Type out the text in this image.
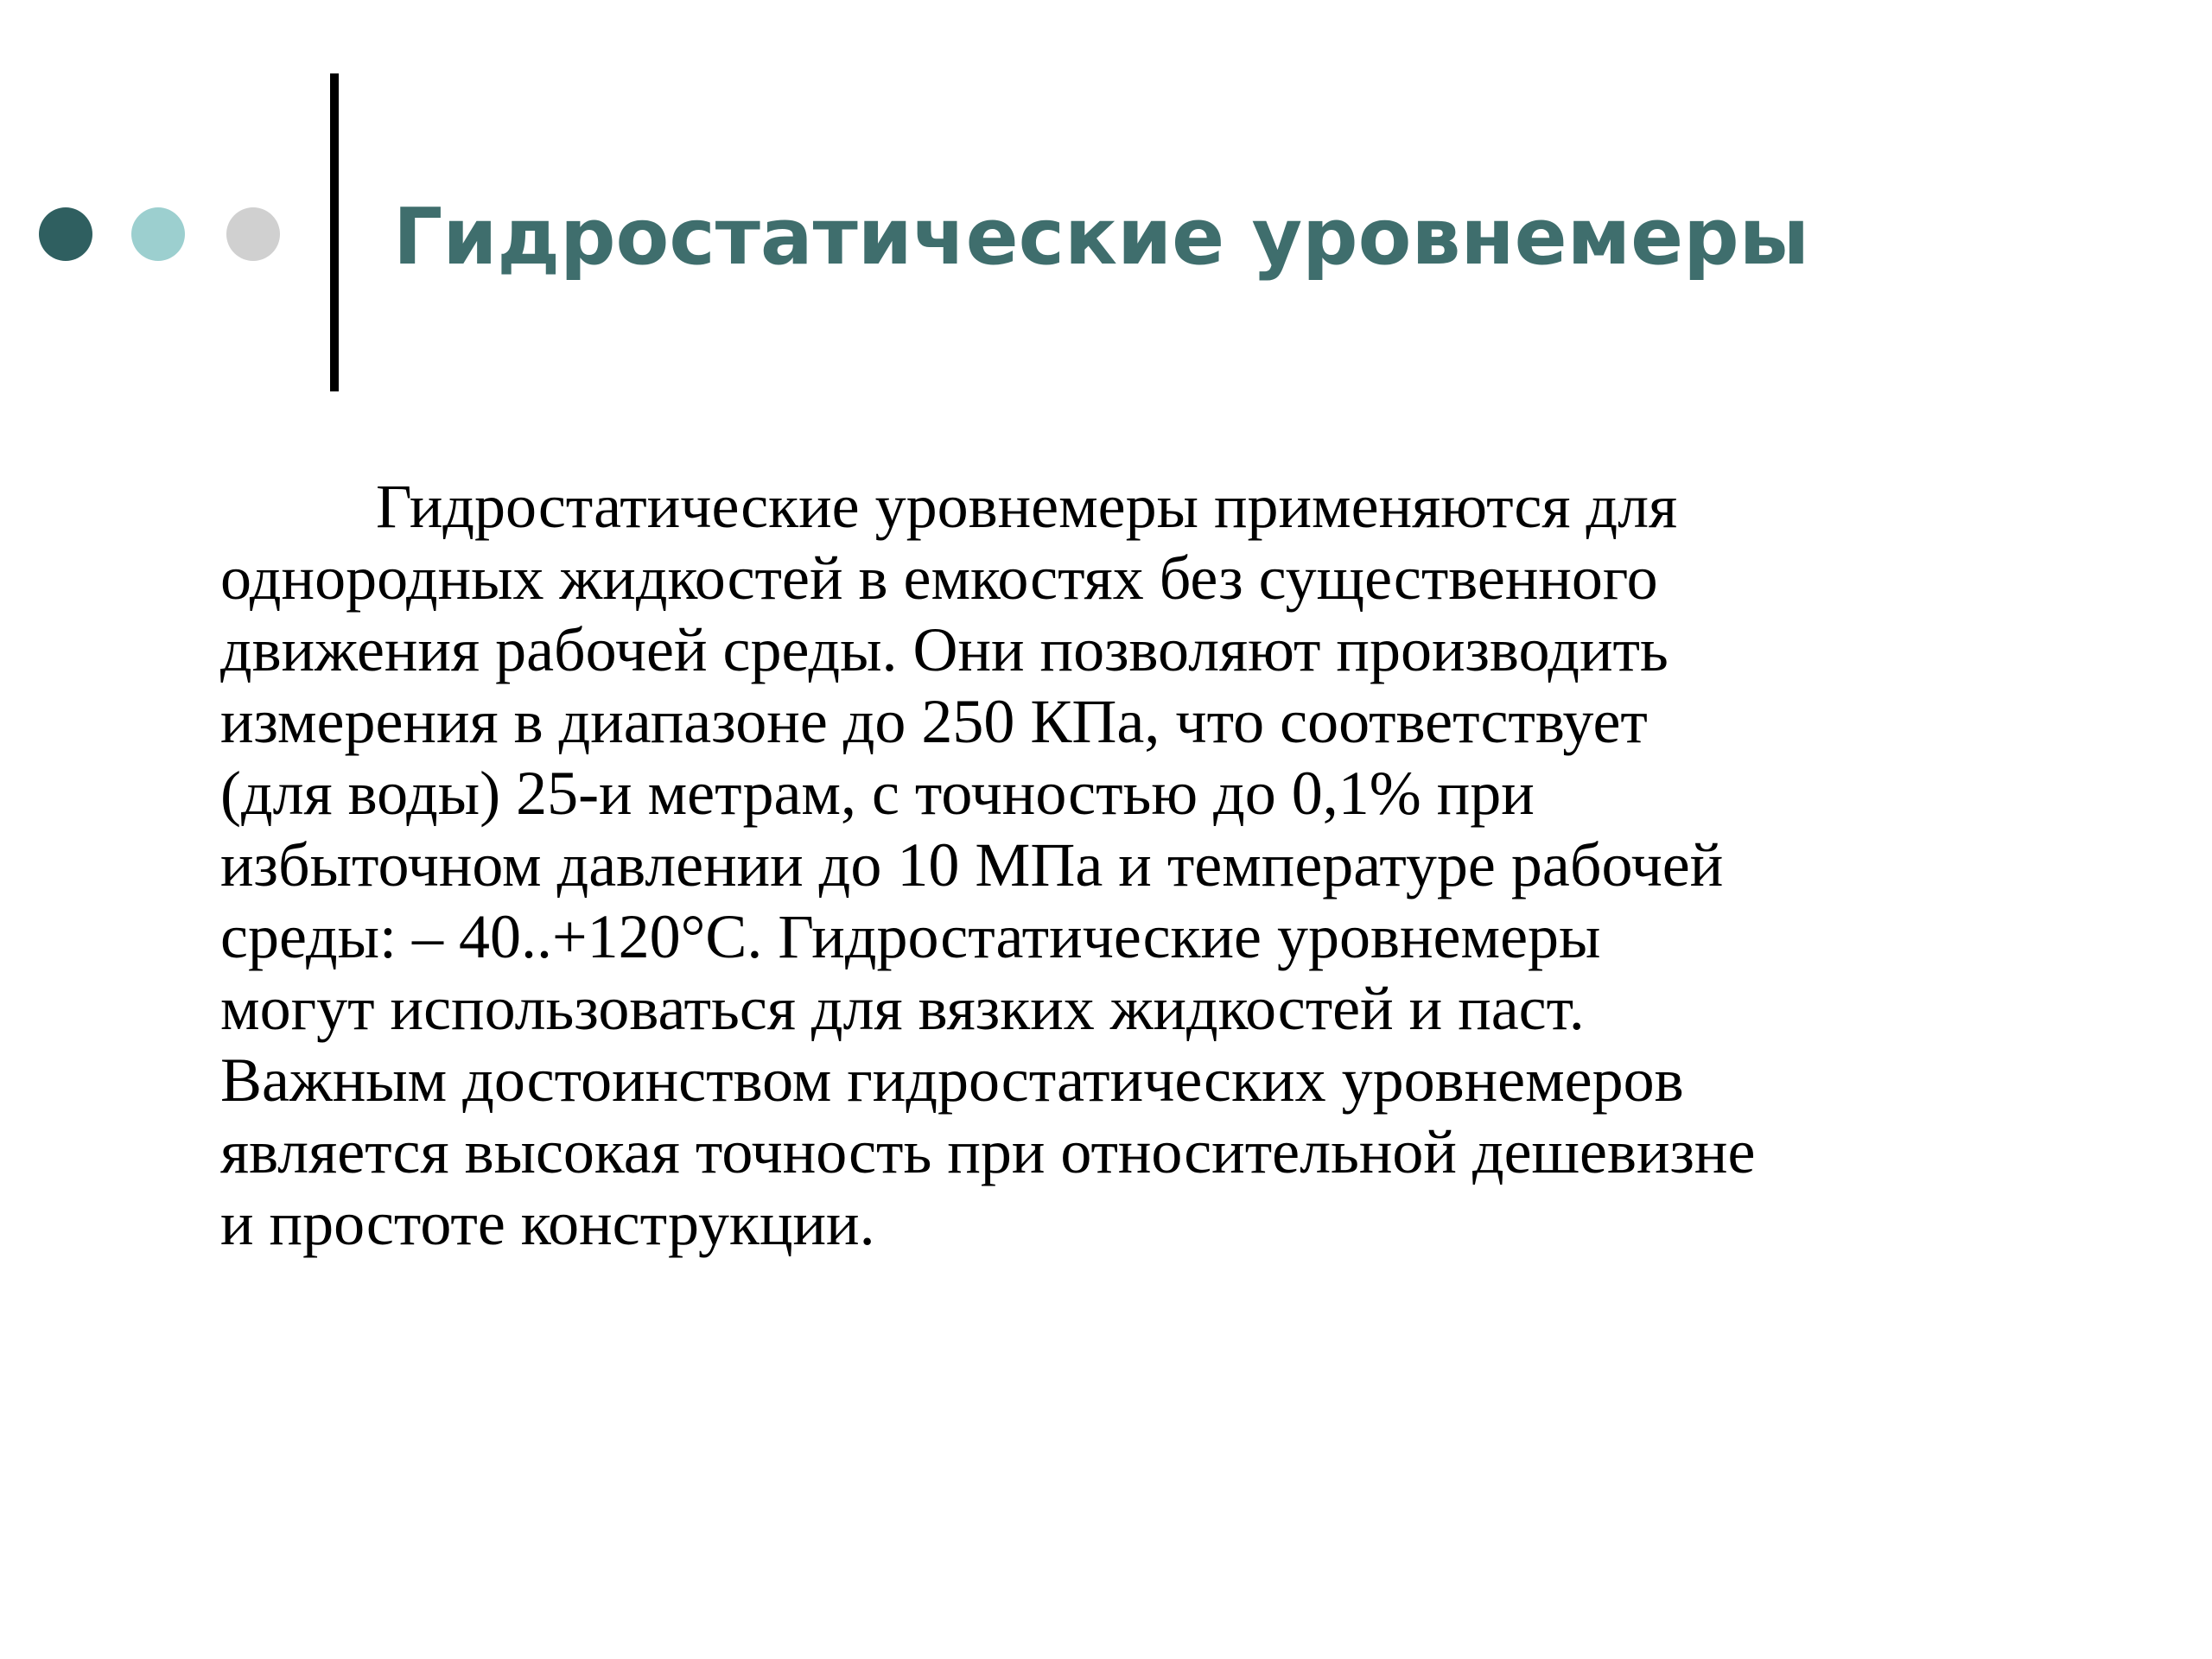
Гидростатические уровнемеры
Гидростатические уровнемеры применяются для
однородных жидкостей в емкостях без существенного
движения рабочей среды. Они позволяют производить
измерения в диапазоне до 250 КПа, что соответствует
(для воды) 25-и метрам, с точностью до 0,1% при
избыточном давлении до 10 МПа и температуре рабочей
среды: – 40..+120°С. Гидростатические уровнемеры
могут использоваться для вязких жидкостей и паст.
Важным достоинством гидростатических уровнемеров
является высокая точность при относительной дешевизне
и простоте конструкции.
